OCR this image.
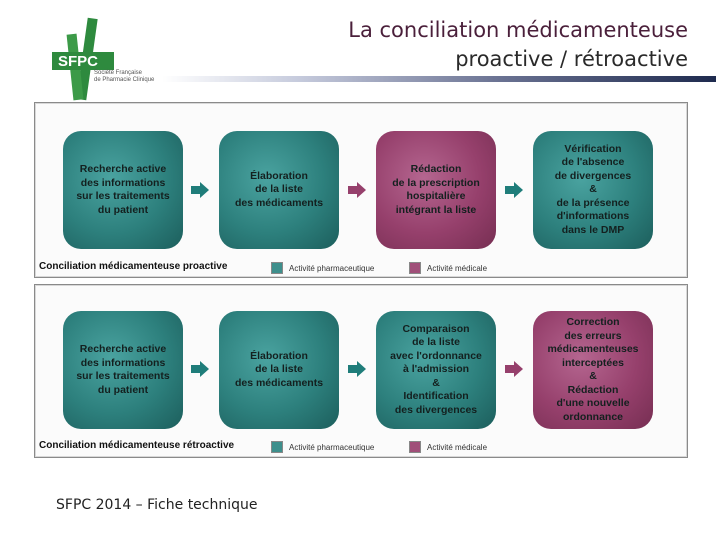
SFPC
Société Française
de Pharmacie Clinique
La conciliation médicamenteuse
proactive / rétroactive
Recherche active
des informations
sur les traitements
du patient
Élaboration
de la liste
des médicaments
Rédaction
de la prescription
hospitalière
intégrant la liste
Vérification
de l'absence
de divergences
&
de la présence
d'informations
dans le DMP
Conciliation médicamenteuse proactive	Activité pharmaceutique	Activité médicale
Recherche active
des informations
sur les traitements
du patient
Élaboration
de la liste
des médicaments
Comparaison
de la liste
avec l'ordonnance
à l'admission
&
Identification
des divergences
Correction
des erreurs
médicamenteuses
interceptées
&
Rédaction
d'une nouvelle
ordonnance
Conciliation médicamenteuse rétroactive	Activité pharmaceutique	Activité médicale
SFPC 2014 – Fiche technique
